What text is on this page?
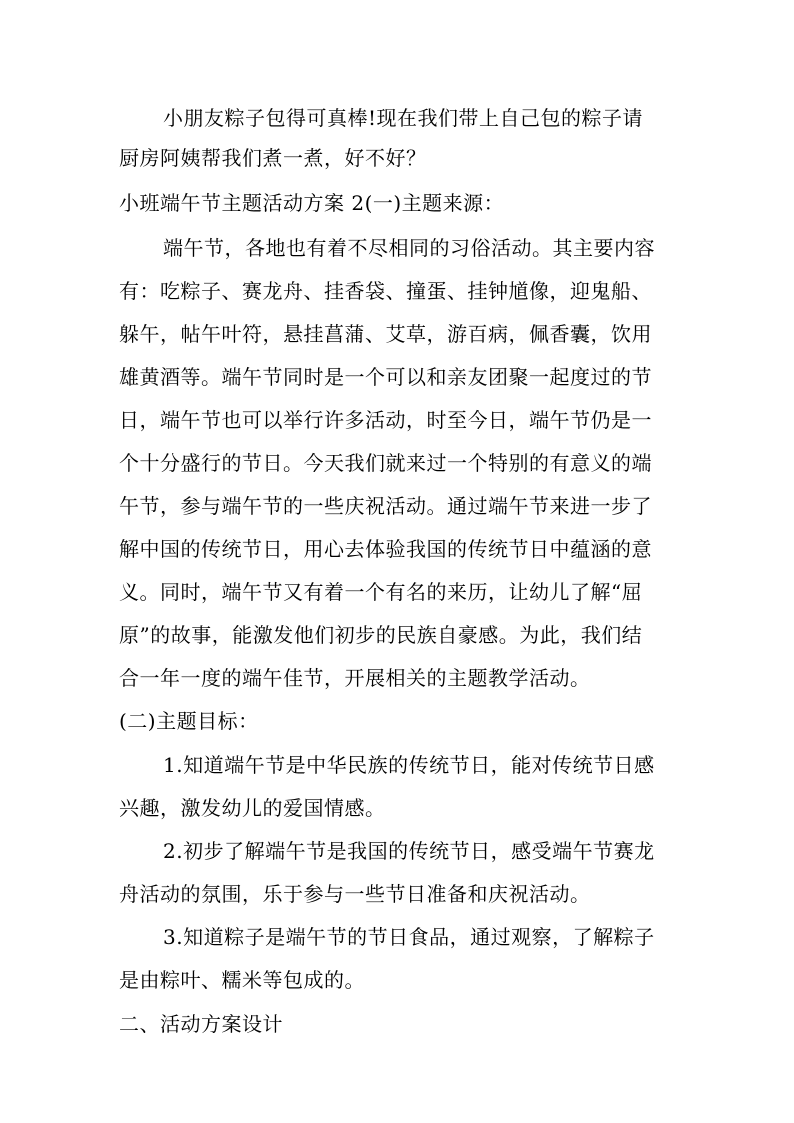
小朋友粽子包得可真棒!现在我们带上自己包的粽子请
厨房阿姨帮我们煮一煮，好不好？
小班端午节主题活动方案 2(一)主题来源：
端午节，各地也有着不尽相同的习俗活动。其主要内容
有：吃粽子、赛龙舟、挂香袋、撞蛋、挂钟馗像，迎鬼船、
躲午，帖午叶符，悬挂菖蒲、艾草，游百病，佩香囊，饮用
雄黄酒等。端午节同时是一个可以和亲友团聚一起度过的节
日，端午节也可以举行许多活动，时至今日，端午节仍是一
个十分盛行的节日。今天我们就来过一个特别的有意义的端
午节，参与端午节的一些庆祝活动。通过端午节来进一步了
解中国的传统节日，用心去体验我国的传统节日中蕴涵的意
义。同时，端午节又有着一个有名的来历，让幼儿了解“屈
原”的故事，能激发他们初步的民族自豪感。为此，我们结
合一年一度的端午佳节，开展相关的主题教学活动。
(二)主题目标：
1.知道端午节是中华民族的传统节日，能对传统节日感
兴趣，激发幼儿的爱国情感。
2.初步了解端午节是我国的传统节日，感受端午节赛龙
舟活动的氛围，乐于参与一些节日准备和庆祝活动。
3.知道粽子是端午节的节日食品，通过观察，了解粽子
是由粽叶、糯米等包成的。
二、活动方案设计
